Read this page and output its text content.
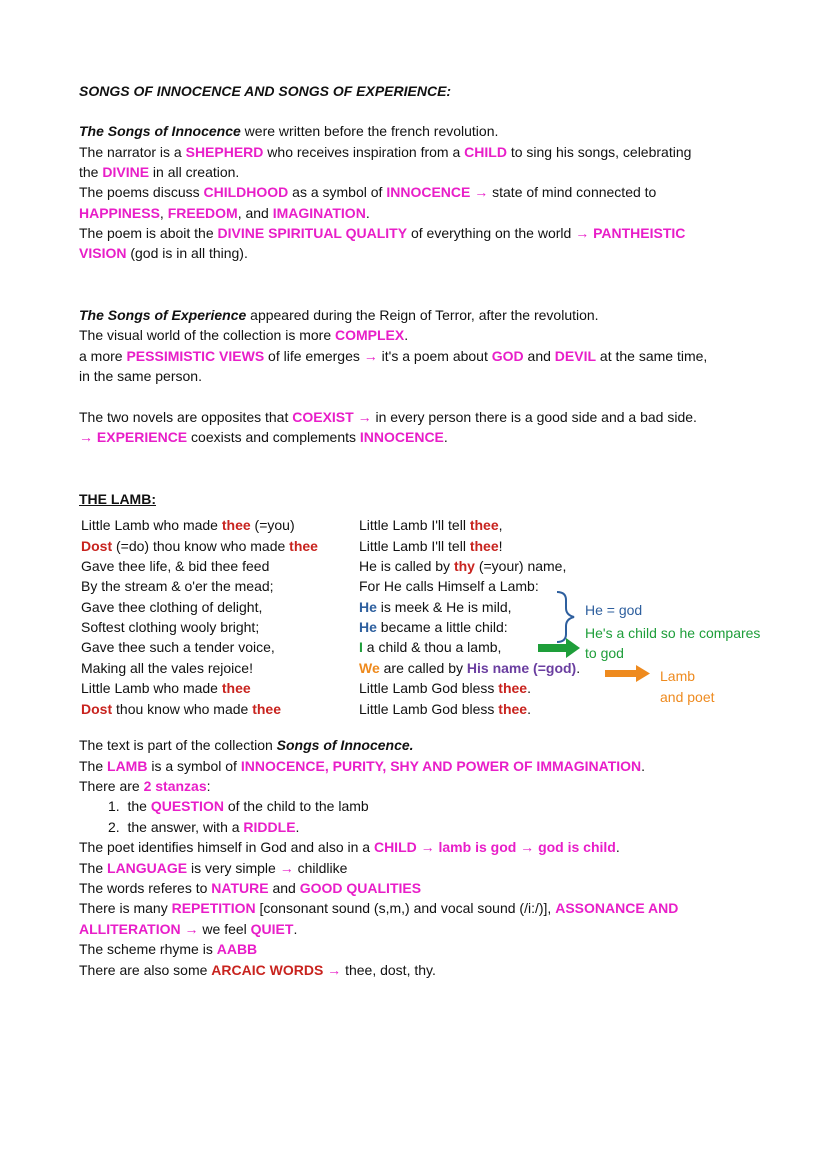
SONGS OF INNOCENCE AND SONGS OF EXPERIENCE:
The Songs of Innocence were written before the french revolution.
The narrator is a SHEPHERD who receives inspiration from a CHILD to sing his songs, celebrating
the DIVINE in all creation.
The poems discuss CHILDHOOD as a symbol of INNOCENCE → state of mind connected to
HAPPINESS, FREEDOM, and IMAGINATION.
The poem is aboit the DIVINE SPIRITUAL QUALITY of everything on the world → PANTHEISTIC
VISION (god is in all thing).
The Songs of Experience appeared during the Reign of Terror, after the revolution.
The visual world of the collection is more COMPLEX.
a more PESSIMISTIC VIEWS of life emerges → it's a poem about GOD and DEVIL at the same time,
in the same person.
The two novels are opposites that COEXIST → in every person there is a good side and a bad side.
→ EXPERIENCE coexists and complements INNOCENCE.
THE LAMB:
Little Lamb who made thee (=you)
Dost (=do) thou know who made thee
Gave thee life, & bid thee feed
By the stream & o'er the mead;
Gave thee clothing of delight,
Softest clothing wooly bright;
Gave thee such a tender voice,
Making all the vales rejoice!
Little Lamb who made thee
Dost thou know who made thee
Little Lamb I'll tell thee,
Little Lamb I'll tell thee!
He is called by thy (=your) name,
For He calls Himself a Lamb:
He is meek & He is mild,
He became a little child:
I a child & thou a lamb,
We are called by His name (=god).
Little Lamb God bless thee.
Little Lamb God bless thee.
He = god
He's a child so he compares
to god
Lamb
and poet
The text is part of the collection Songs of Innocence.
The LAMB is a symbol of INNOCENCE, PURITY, SHY AND POWER OF IMMAGINATION.
There are 2 stanzas:
1. the QUESTION of the child to the lamb
2. the answer, with a RIDDLE.
The poet identifies himself in God and also in a CHILD → lamb is god → god is child.
The LANGUAGE is very simple → childlike
The words referes to NATURE and GOOD QUALITIES
There is many REPETITION [consonant sound (s,m,) and vocal sound (/i:/)], ASSONANCE AND
ALLITERATION → we feel QUIET.
The scheme rhyme is AABB
There are also some ARCAIC WORDS → thee, dost, thy.
